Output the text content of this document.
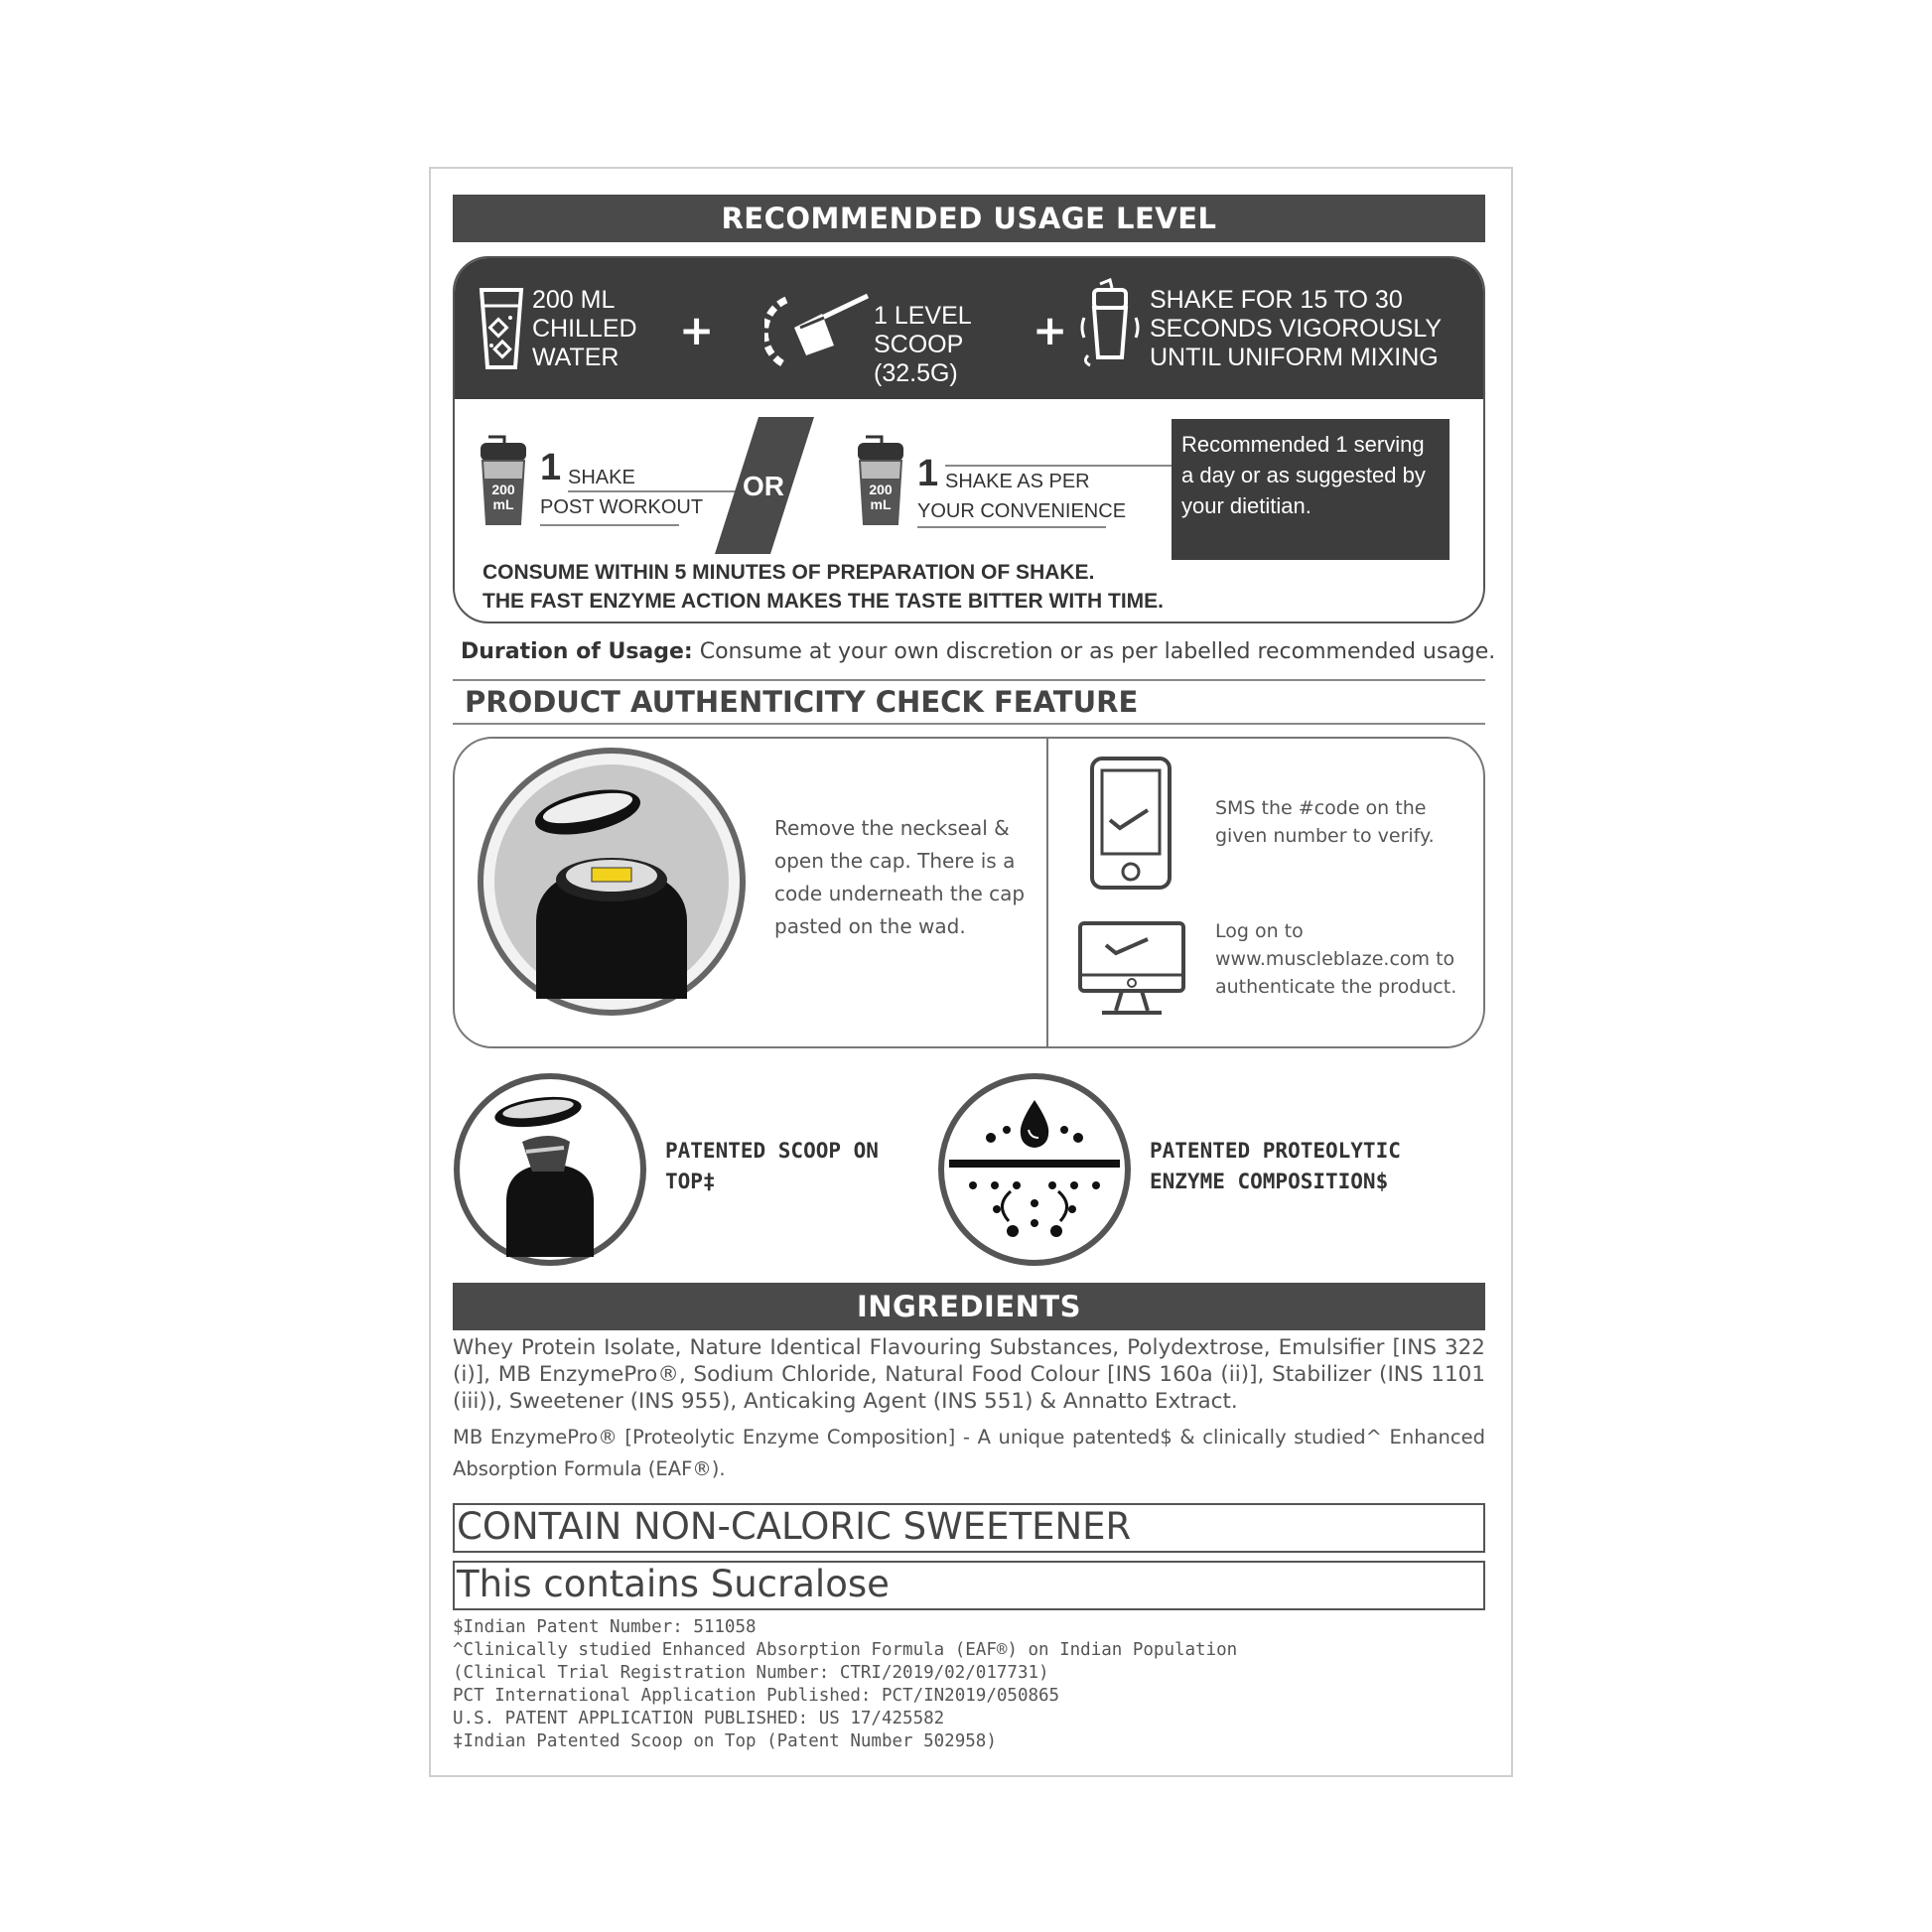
RECOMMENDED USAGE LEVEL
200 ML
CHILLED
WATER
+	1 LEVEL
SCOOP (32.5G)
+
SHAKE FOR 15 TO 30
SECONDS VIGOROUSLY
UNTIL UNIFORM MIXING
200
mL
1 SHAKE
POST WORKOUT
OR	200
mL
1 SHAKE AS PER
YOUR CONVENIENCE
Recommended 1 serving a day or as suggested by your dietitian.
CONSUME WITHIN 5 MINUTES OF PREPARATION OF SHAKE.
THE FAST ENZYME ACTION MAKES THE TASTE BITTER WITH TIME.
Duration of Usage: Consume at your own discretion or as per labelled recommended usage.
PRODUCT AUTHENTICITY CHECK FEATURE
Remove the neckseal & open the cap. There is a code underneath the cap pasted on the wad.
SMS the #code on the given number to verify.
Log on to www.muscleblaze.com to authenticate the product.
PATENTED SCOOP ON TOP‡
PATENTED PROTEOLYTIC ENZYME COMPOSITION$
INGREDIENTS
Whey Protein Isolate, Nature Identical Flavouring Substances, Polydextrose, Emulsifier [INS 322 (i)], MB EnzymePro®, Sodium Chloride, Natural Food Colour [INS 160a (ii)], Stabilizer (INS 1101 (iii)), Sweetener (INS 955), Anticaking Agent (INS 551) & Annatto Extract.
MB EnzymePro® [Proteolytic Enzyme Composition] - A unique patented$ & clinically studied^ Enhanced Absorption Formula (EAF®).
CONTAIN NON-CALORIC SWEETENER
This contains Sucralose
$Indian Patent Number: 511058
^Clinically studied Enhanced Absorption Formula (EAF®) on Indian Population
(Clinical Trial Registration Number: CTRI/2019/02/017731)
PCT International Application Published: PCT/IN2019/050865
U.S. PATENT APPLICATION PUBLISHED: US 17/425582
‡Indian Patented Scoop on Top (Patent Number 502958)
